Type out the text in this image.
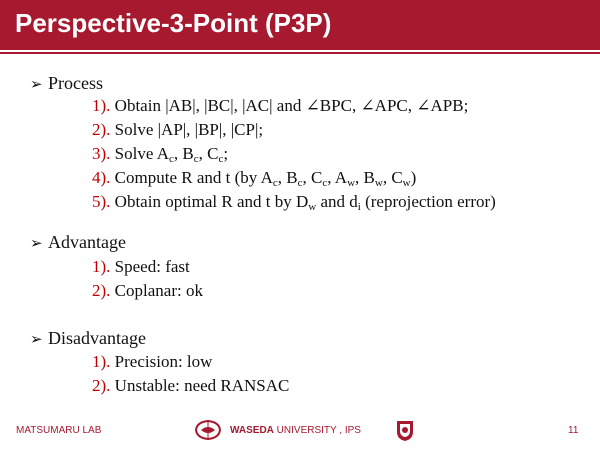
Perspective-3-Point (P3P)
➢ Process
1). Obtain |AB|, |BC|, |AC| and ∠BPC, ∠APC, ∠APB;
2). Solve |AP|, |BP|, |CP|;
3). Solve $A_c$, $B_c$, $C_c$;
4). Compute R and t (by $A_c$, $B_c$, $C_c$, $A_w$, $B_w$, $C_w$)
5). Obtain optimal R and t by $D_w$ and $d_i$ (reprojection error)
➢ Advantage
1). Speed: fast
2). Coplanar: ok
➢ Disadvantage
1). Precision: low
2). Unstable: need RANSAC
MATSUMARU LAB	WASEDA UNIVERSITY , IPS	11
